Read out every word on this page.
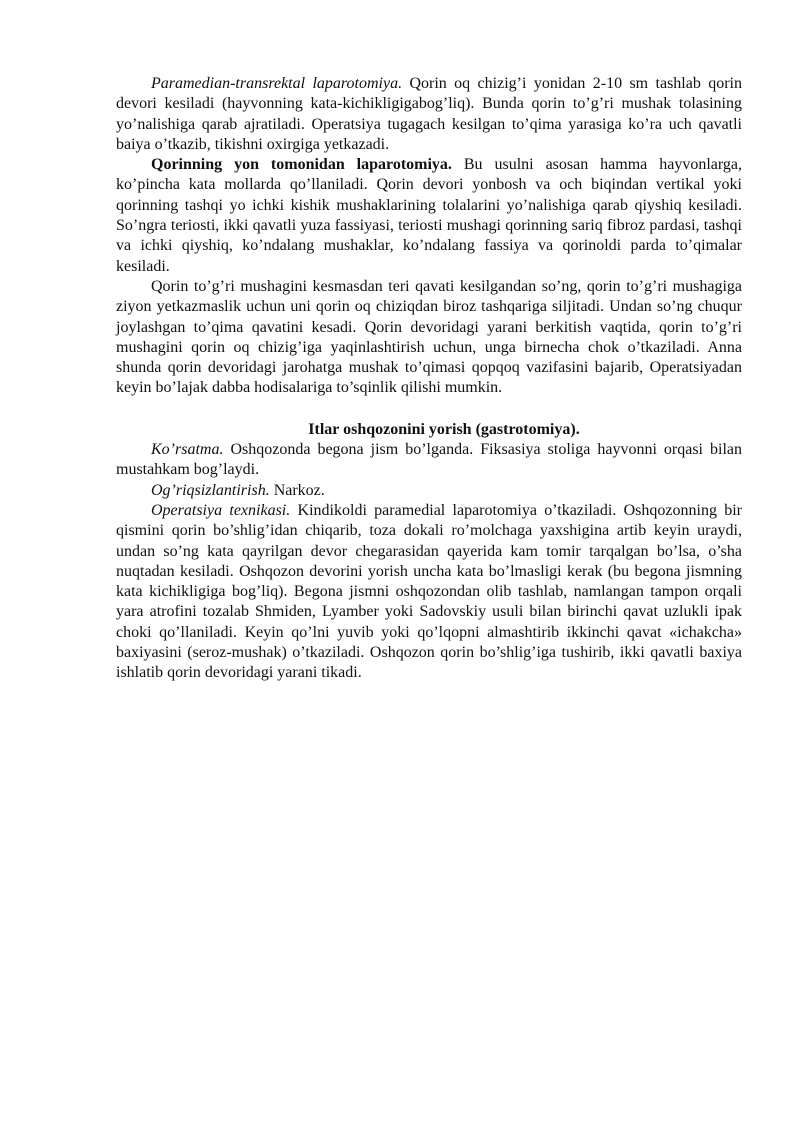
Paramedian-transrektal laparotomiya. Qorin oq chizig’i yonidan 2-10 sm tashlab qorin devori kesiladi (hayvonning kata-kichikligigabog’liq). Bunda qorin to’g’ri mushak tolasining yo’nalishiga qarab ajratiladi. Operatsiya tugagach kesilgan to’qima yarasiga ko’ra uch qavatli baiya o’tkazib, tikishni oxirgiga yetkazadi.

Qorinning yon tomonidan laparotomiya. Bu usulni asosan hamma hayvonlarga, ko’pincha kata mollarda qo’llaniladi. Qorin devori yonbosh va och biqindan vertikal yoki qorinning tashqi yo ichki kishik mushaklarining tolalarini yo’nalishiga qarab qiyshiq kesiladi. So’ngra teriosti, ikki qavatli yuza fassiyasi, teriosti mushagi qorinning sariq fibroz pardasi, tashqi va ichki qiyshiq, ko’ndalang mushaklar, ko’ndalang fassiya va qorinoldi parda to’qimalar kesiladi.

Qorin to’g’ri mushagini kesmasdan teri qavati kesilgandan so’ng, qorin to’g’ri mushagiga ziyon yetkazmaslik uchun uni qorin oq chiziqdan biroz tashqariga siljitadi. Undan so’ng chuqur joylashgan to’qima qavatini kesadi. Qorin devoridagi yarani berkitish vaqtida, qorin to’g’ri mushagini qorin oq chizig’iga yaqinlashtirish uchun, unga birnecha chok o’tkaziladi. Anna shunda qorin devoridagi jarohatga mushak to’qimasi qopqoq vazifasini bajarib, Operatsiyadan keyin bo’lajak dabba hodisalariga to’sqinlik qilishi mumkin.

Itlar oshqozonini yorish (gastrotomiya).

Ko’rsatma. Oshqozonda begona jism bo’lganda. Fiksasiya stoliga hayvonni orqasi bilan mustahkam bog’laydi.

Og’riqsizlantirish. Narkoz.

Operatsiya texnikasi. Kindikoldi paramedial laparotomiya o’tkaziladi. Oshqozonning bir qismini qorin bo’shlig’idan chiqarib, toza dokali ro’molchaga yaxshigina artib keyin uraydi, undan so’ng kata qayrilgan devor chegarasidan qayerida kam tomir tarqalgan bo’lsa, o’sha nuqtadan kesiladi. Oshqozon devorini yorish uncha kata bo’lmasligi kerak (bu begona jismning kata kichikligiga bog’liq). Begona jismni oshqozondan olib tashlab, namlangan tampon orqali yara atrofini tozalab Shmiden, Lyamber yoki Sadovskiy usuli bilan birinchi qavat uzlukli ipak choki qo’llaniladi. Keyin qo’lni yuvib yoki qo’lqopni almashtirib ikkinchi qavat «ichakcha» baxiyasini (seroz-mushak) o’tkaziladi. Oshqozon qorin bo’shlig’iga tushirib, ikki qavatli baxiya ishlatib qorin devoridagi yarani tikadi.
